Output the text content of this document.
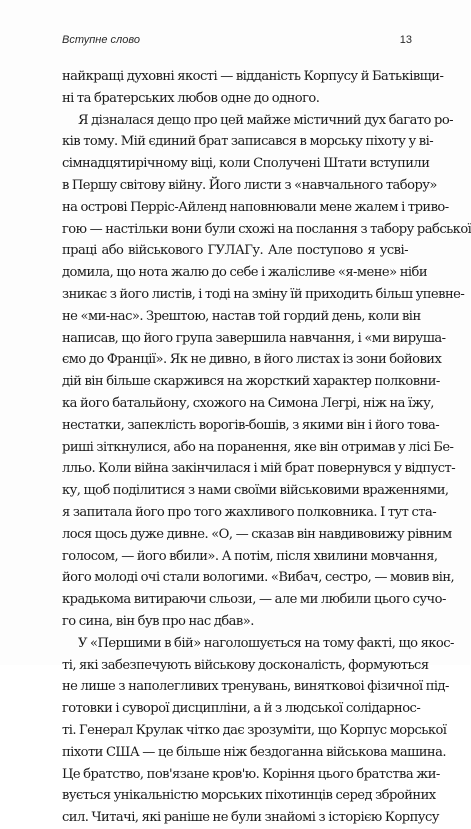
Вступне слово	13
найкращі духовні якості — відданість Корпусу й Батьківщи-
ні та братерських любов одне до одного.
Я дізналася дещо про цей майже містичний дух багато ро-
ків тому. Мій єдиний брат записався в морську піхоту у ві-
сімнадцятирічному віці, коли Сполучені Штати вступили
в Першу світову війну. Його листи з «навчального табору»
на острові Перріс-Айленд наповнювали мене жалем і триво-
гою — настільки вони були схожі на послання з табору рабської
праці або військового ГУЛАГу. Але поступово я усві-
домила, що нота жалю до себе і жалісливе «я-мене» ніби
зникає з його листів, і тоді на зміну їй приходить більш упевне-
не «ми-нас». Зрештою, настав той гордий день, коли він
написав, що його група завершила навчання, і «ми вируша-
ємо до Франції». Як не дивно, в його листах із зони бойових
дій він більше скаржився на жорсткий характер полковни-
ка його батальйону, схожого на Симона Легрі, ніж на їжу,
нестатки, запеклість ворогів-бошів, з якими він і його това-
риші зіткнулися, або на поранення, яке він отримав у лісі Бе-
лльо. Коли війна закінчилася і мій брат повернувся у відпуст-
ку, щоб поділитися з нами своїми військовими враженнями,
я запитала його про того жахливого полковника. І тут ста-
лося щось дуже дивне. «О, — сказав він навдивовижу рівним
голосом, — його вбили». А потім, після хвилини мовчання,
його молоді очі стали вологими. «Вибач, сестро, — мовив він,
крадькома витираючи сльози, — але ми любили цього сучо-
го сина, він був про нас дбав».
У «Першими в бій» наголошується на тому факті, що якос-
ті, які забезпечують військову досконалість, формуються
не лише з наполегливих тренувань, винятковоі фізичної під-
готовки і суворої дисципліни, а й з людської солідарнос-
ті. Генерал Крулак чітко дає зрозуміти, що Корпус морської
піхоти США — це більше ніж бездоганна військова машина.
Це братство, пов'язане кров'ю. Коріння цього братства жи-
вується унікальністю морських піхотинців серед збройних
сил. Читачі, які раніше не були знайомі з історією Корпусу
